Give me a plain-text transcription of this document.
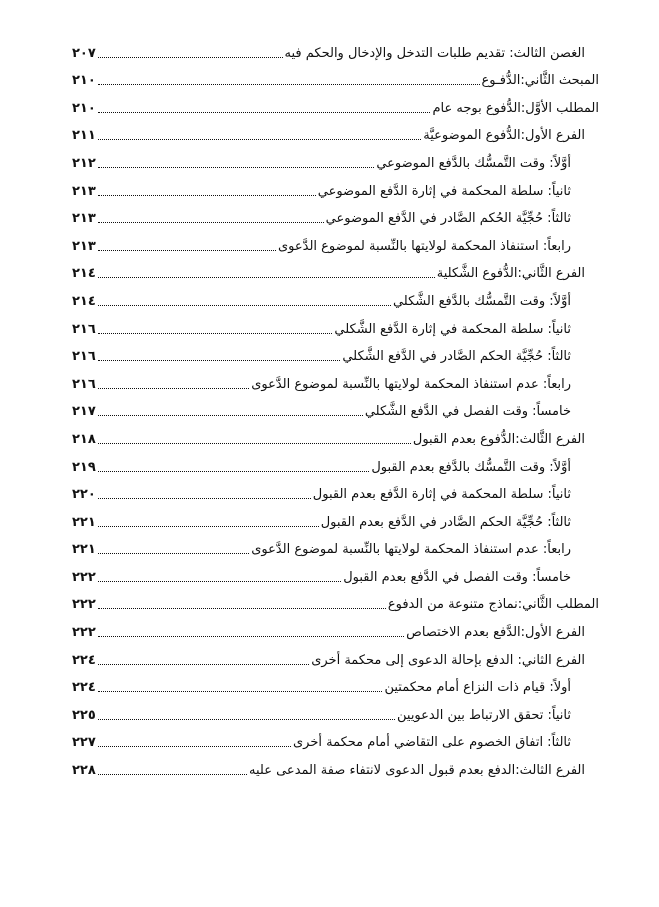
الغصن الثالث: تقديم طلبات التدخل والإدخال والحكم فيه
٢٠٧
المبحث الثَّاني:الدُّفـوع
٢١٠
المطلب الأوَّل:الدُّفوع بوجه عام
٢١٠
الفرع الأول:الدُّفوع الموضوعيَّة
٢١١
أوَّلاً: وقت التَّمسُّك بالدَّفع الموضوعي
٢١٢
ثانياً: سلطة المحكمة في إثارة الدَّفع الموضوعي
٢١٣
ثالثاً: حُجِّيَّة الحُكم الصَّادر في الدَّفع الموضوعي
٢١٣
رابعاً: استنفاذ المحكمة لولايتها بالنِّسبة لموضوع الدَّعوى
٢١٣
الفرع الثَّاني:الدُّفوع الشَّكلية
٢١٤
أوَّلاً: وقت التَّمسُّك بالدَّفع الشَّكلي
٢١٤
ثانياً: سلطة المحكمة في إثارة الدَّفع الشَّكلي
٢١٦
ثالثاً: حُجِّيَّة الحكم الصَّادر في الدَّفع الشَّكلي
٢١٦
رابعاً: عدم استنفاذ المحكمة لولايتها بالنِّسبة لموضوع الدَّعوى
٢١٦
خامساً: وقت الفصل في الدَّفع الشَّكلي
٢١٧
الفرع الثَّالث:الدُّفوع بعدم القبول
٢١٨
أوَّلاً: وقت التَّمسُّك بالدَّفع بعدم القبول
٢١٩
ثانياً: سلطة المحكمة في إثارة الدَّفع بعدم القبول
٢٢٠
ثالثاً: حُجِّيَّة الحكم الصَّادر في الدَّفع بعدم القبول
٢٢١
رابعاً: عدم استنفاذ المحكمة لولايتها بالنِّسبة لموضوع الدَّعوى
٢٢١
خامساً: وقت الفصل في الدَّفع بعدم القبول
٢٢٢
المطلب الثَّاني:نماذج متنوعة من الدفوع
٢٢٢
الفرع الأول:الدَّفع بعدم الاختصاص
٢٢٢
الفرع الثاني: الدفع بإحالة الدعوى إلى محكمة أخرى
٢٢٤
أولاً: قيام ذات النزاع أمام محكمتين
٢٢٤
ثانياً: تحقق الارتباط بين الدعويين
٢٢٥
ثالثاً: اتفاق الخصوم على التقاضي أمام محكمة أخرى
٢٢٧
الفرع الثالث:الدفع بعدم قبول الدعوى لانتفاء صفة المدعى عليه
٢٢٨
